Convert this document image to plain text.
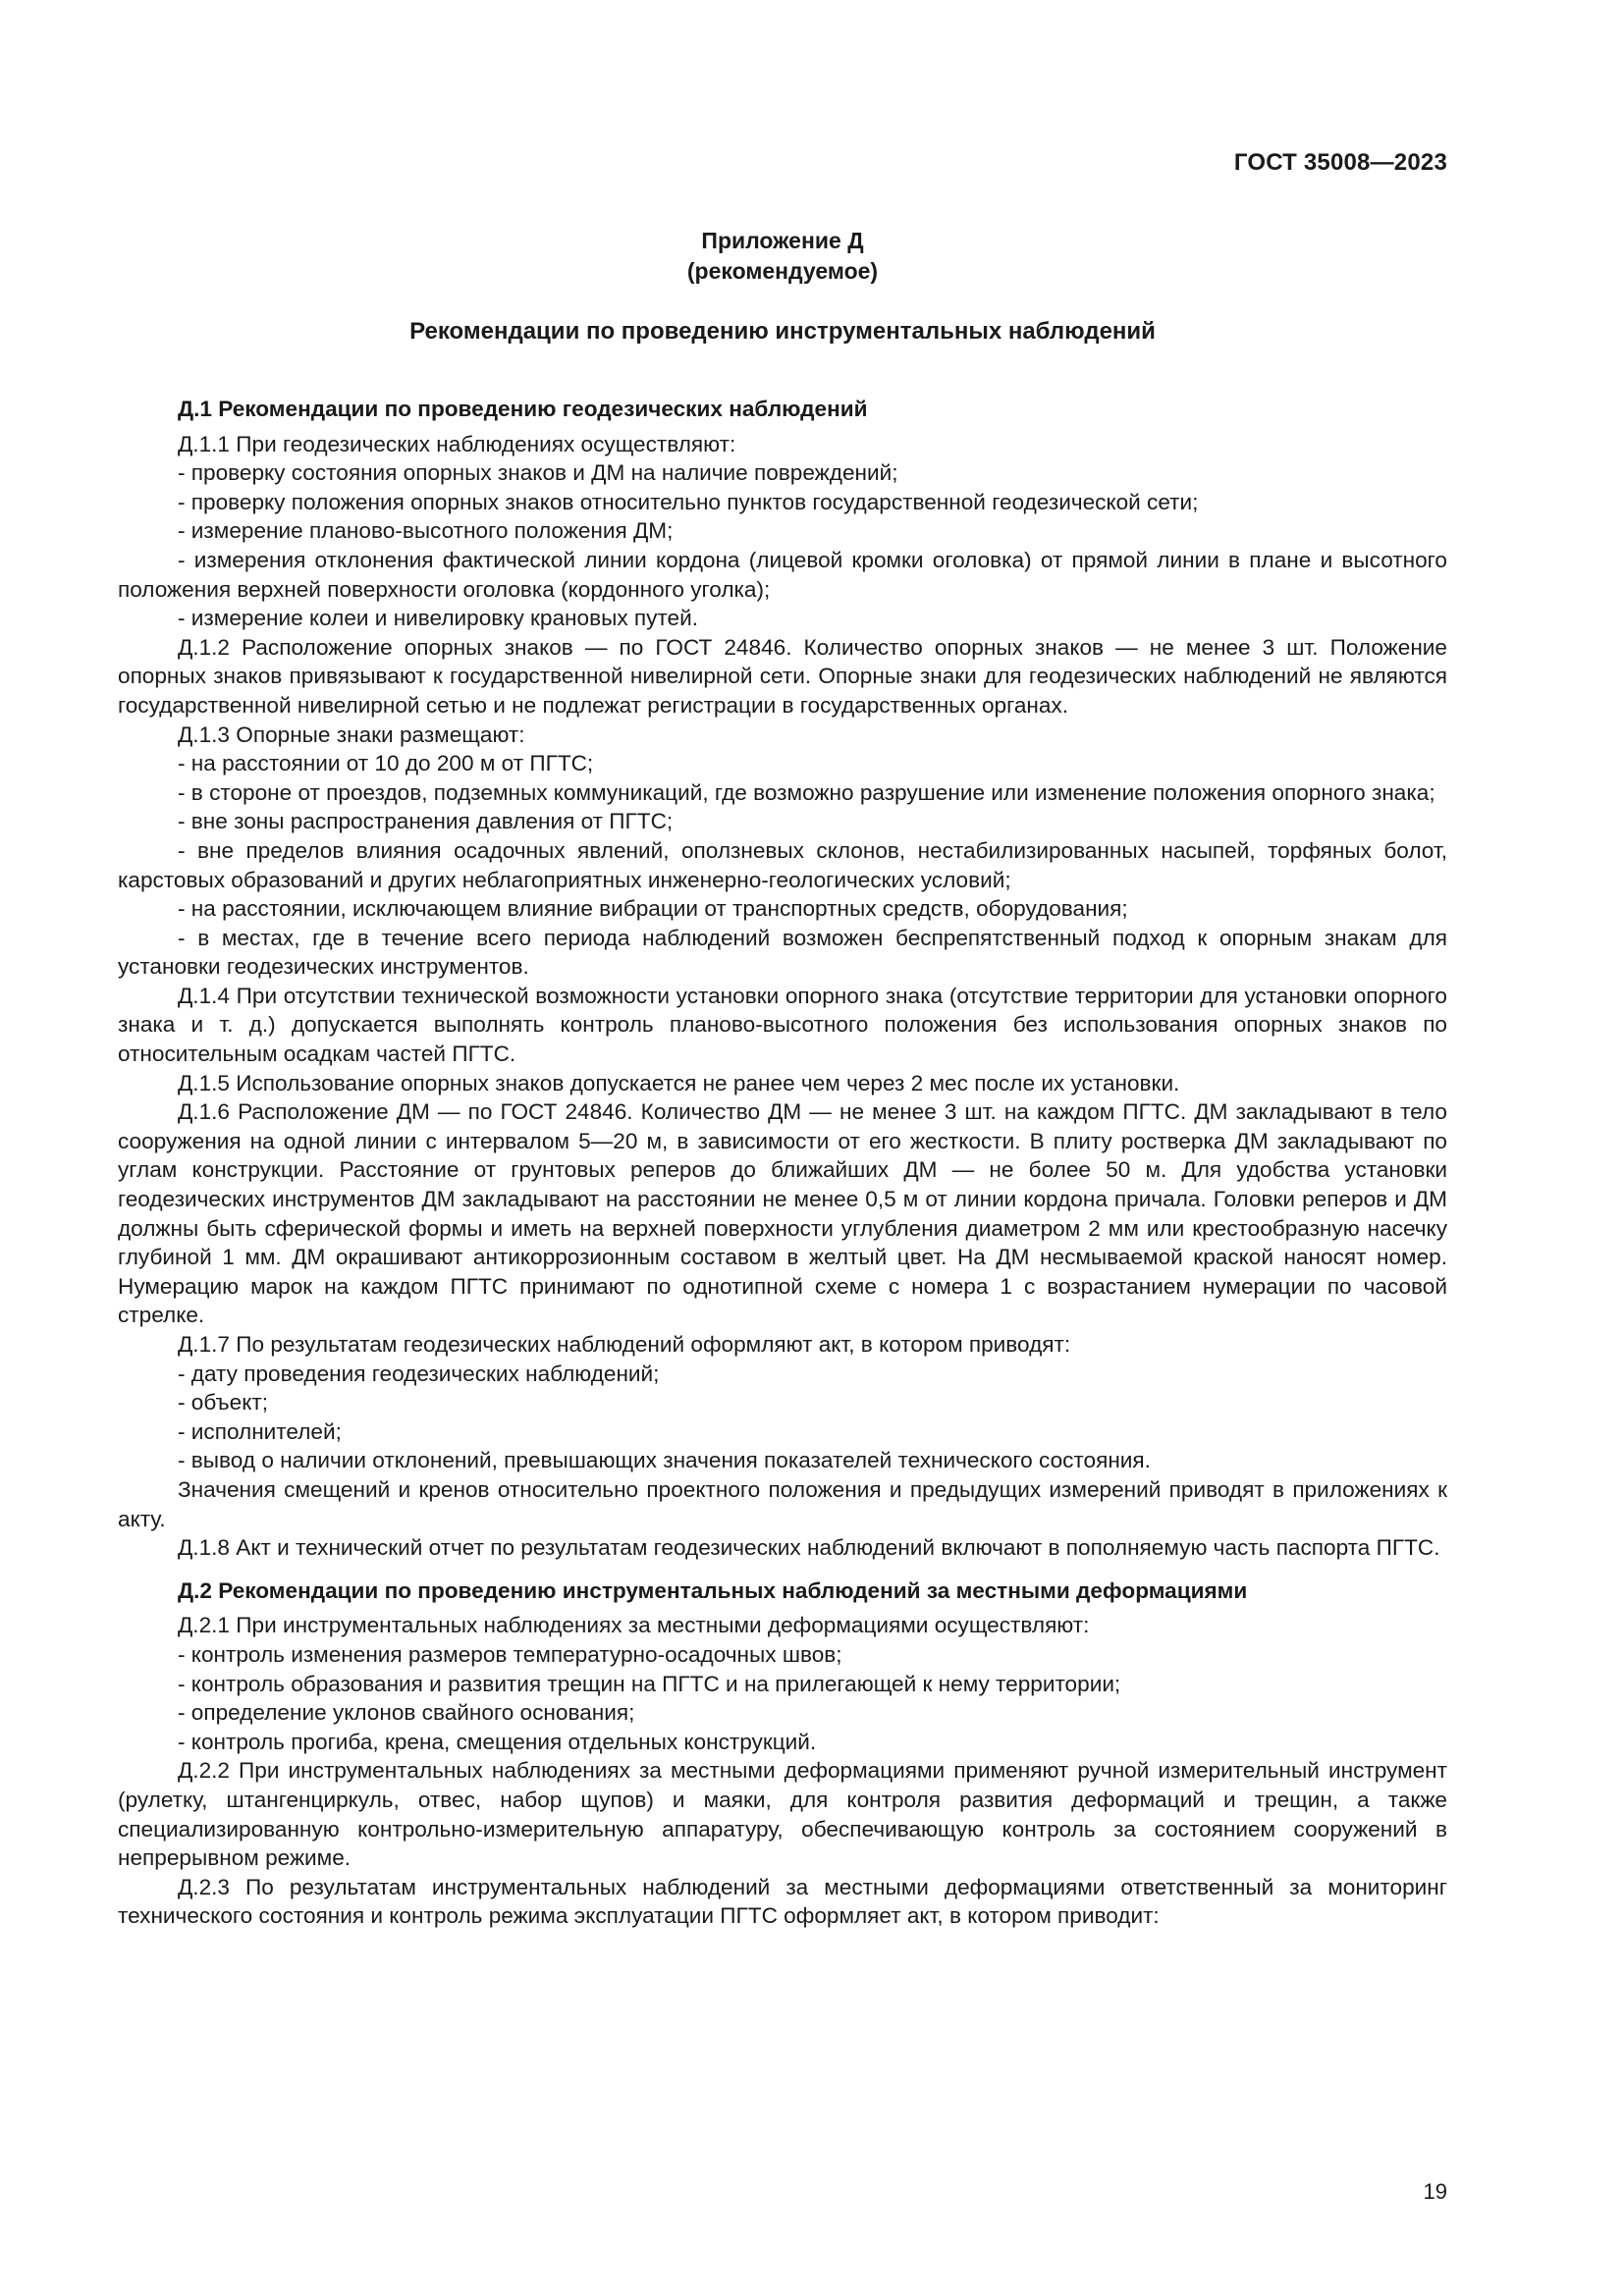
ГОСТ 35008—2023
Приложение Д
(рекомендуемое)
Рекомендации по проведению инструментальных наблюдений

Д.1 Рекомендации по проведению геодезических наблюдений

Д.1.1 При геодезических наблюдениях осуществляют:

- проверку состояния опорных знаков и ДМ на наличие повреждений;

- проверку положения опорных знаков относительно пунктов государственной геодезической сети;

- измерение планово-высотного положения ДМ;

- измерения отклонения фактической линии кордона (лицевой кромки оголовка) от прямой линии в плане и высотного положения верхней поверхности оголовка (кордонного уголка);

- измерение колеи и нивелировку крановых путей.

Д.1.2 Расположение опорных знаков — по ГОСТ 24846. Количество опорных знаков — не менее 3 шт. Положение опорных знаков привязывают к государственной нивелирной сети. Опорные знаки для геодезических наблюдений не являются государственной нивелирной сетью и не подлежат регистрации в государственных органах.

Д.1.3 Опорные знаки размещают:

- на расстоянии от 10 до 200 м от ПГТС;

- в стороне от проездов, подземных коммуникаций, где возможно разрушение или изменение положения опорного знака;

- вне зоны распространения давления от ПГТС;

- вне пределов влияния осадочных явлений, оползневых склонов, нестабилизированных насыпей, торфяных болот, карстовых образований и других неблагоприятных инженерно-геологических условий;

- на расстоянии, исключающем влияние вибрации от транспортных средств, оборудования;

- в местах, где в течение всего периода наблюдений возможен беспрепятственный подход к опорным знакам для установки геодезических инструментов.

Д.1.4 При отсутствии технической возможности установки опорного знака (отсутствие территории для установки опорного знака и т. д.) допускается выполнять контроль планово-высотного положения без использования опорных знаков по относительным осадкам частей ПГТС.

Д.1.5 Использование опорных знаков допускается не ранее чем через 2 мес после их установки.

Д.1.6 Расположение ДМ — по ГОСТ 24846. Количество ДМ — не менее 3 шт. на каждом ПГТС. ДМ закладывают в тело сооружения на одной линии с интервалом 5—20 м, в зависимости от его жесткости. В плиту ростверка ДМ закладывают по углам конструкции. Расстояние от грунтовых реперов до ближайших ДМ — не более 50 м. Для удобства установки геодезических инструментов ДМ закладывают на расстоянии не менее 0,5 м от линии кордона причала. Головки реперов и ДМ должны быть сферической формы и иметь на верхней поверхности углубления диаметром 2 мм или крестообразную насечку глубиной 1 мм. ДМ окрашивают антикоррозионным составом в желтый цвет. На ДМ несмываемой краской наносят номер. Нумерацию марок на каждом ПГТС принимают по однотипной схеме с номера 1 с возрастанием нумерации по часовой стрелке.

Д.1.7 По результатам геодезических наблюдений оформляют акт, в котором приводят:

- дату проведения геодезических наблюдений;

- объект;

- исполнителей;

- вывод о наличии отклонений, превышающих значения показателей технического состояния.

Значения смещений и кренов относительно проектного положения и предыдущих измерений приводят в приложениях к акту.

Д.1.8 Акт и технический отчет по результатам геодезических наблюдений включают в пополняемую часть паспорта ПГТС.

Д.2 Рекомендации по проведению инструментальных наблюдений за местными деформациями

Д.2.1 При инструментальных наблюдениях за местными деформациями осуществляют:

- контроль изменения размеров температурно-осадочных швов;

- контроль образования и развития трещин на ПГТС и на прилегающей к нему территории;

- определение уклонов свайного основания;

- контроль прогиба, крена, смещения отдельных конструкций.

Д.2.2 При инструментальных наблюдениях за местными деформациями применяют ручной измерительный инструмент (рулетку, штангенциркуль, отвес, набор щупов) и маяки, для контроля развития деформаций и трещин, а также специализированную контрольно-измерительную аппаратуру, обеспечивающую контроль за состоянием сооружений в непрерывном режиме.

Д.2.3 По результатам инструментальных наблюдений за местными деформациями ответственный за мониторинг технического состояния и контроль режима эксплуатации ПГТС оформляет акт, в котором приводит:

19
